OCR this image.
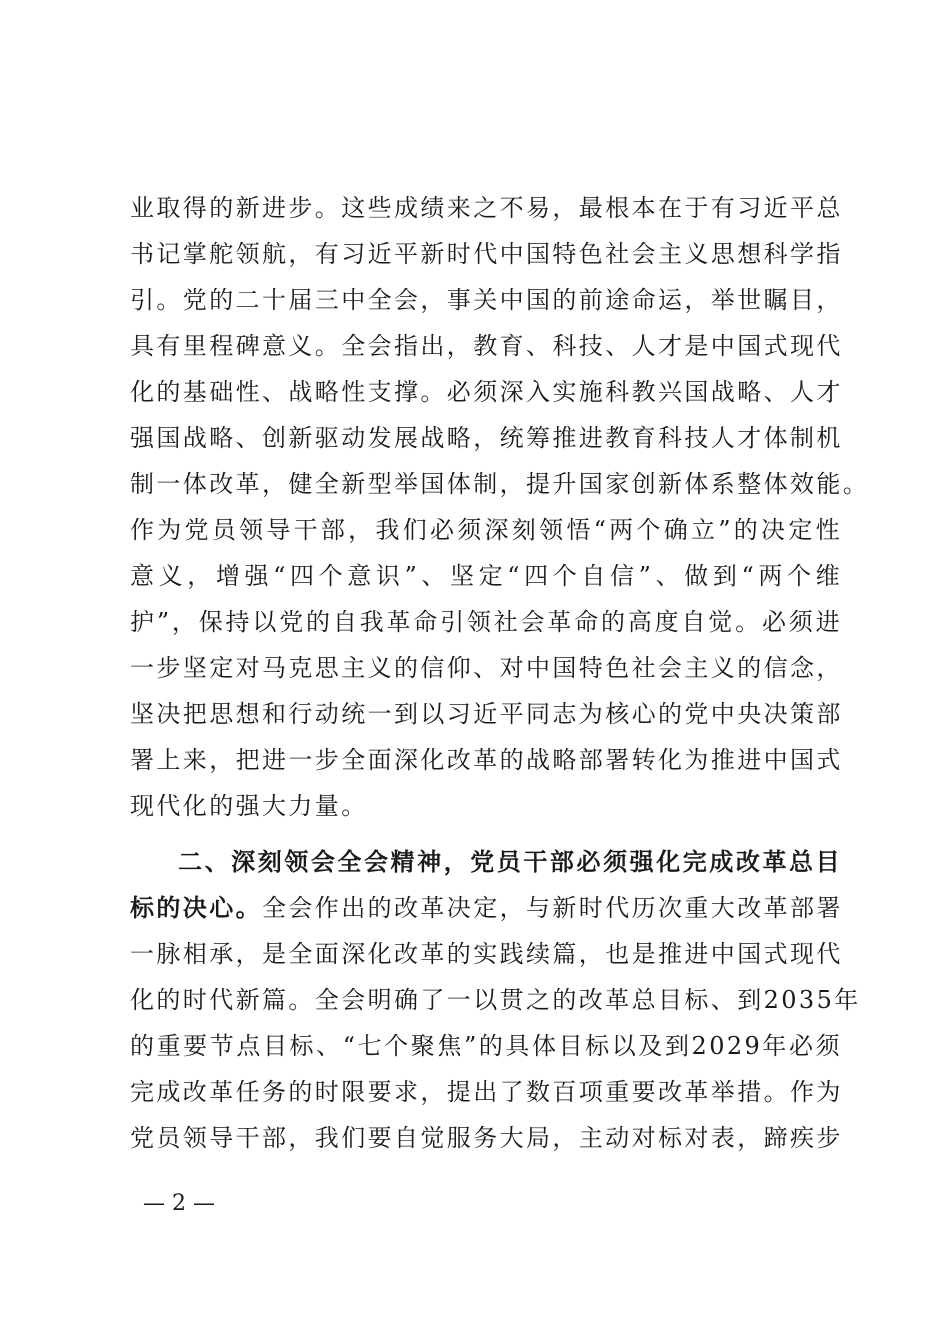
业取得的新进步。这些成绩来之不易，最根本在于有习近平总
书记掌舵领航，有习近平新时代中国特色社会主义思想科学指
引。党的二十届三中全会，事关中国的前途命运，举世瞩目，
具有里程碑意义。全会指出，教育、科技、人才是中国式现代
化的基础性、战略性支撑。必须深入实施科教兴国战略、人才
强国战略、创新驱动发展战略，统筹推进教育科技人才体制机
制一体改革，健全新型举国体制，提升国家创新体系整体效能。
作为党员领导干部，我们必须深刻领悟“两个确立”的决定性
意义，增强“四个意识”、坚定“四个自信”、做到“两个维
护”，保持以党的自我革命引领社会革命的高度自觉。必须进
一步坚定对马克思主义的信仰、对中国特色社会主义的信念，
坚决把思想和行动统一到以习近平同志为核心的党中央决策部
署上来，把进一步全面深化改革的战略部署转化为推进中国式
现代化的强大力量。
二、深刻领会全会精神，党员干部必须强化完成改革总目
标的决心。全会作出的改革决定，与新时代历次重大改革部署
一脉相承，是全面深化改革的实践续篇，也是推进中国式现代
化的时代新篇。全会明确了一以贯之的改革总目标、到2035年
的重要节点目标、“七个聚焦”的具体目标以及到2029年必须
完成改革任务的时限要求，提出了数百项重要改革举措。作为
党员领导干部，我们要自觉服务大局，主动对标对表，蹄疾步
— 2 —
